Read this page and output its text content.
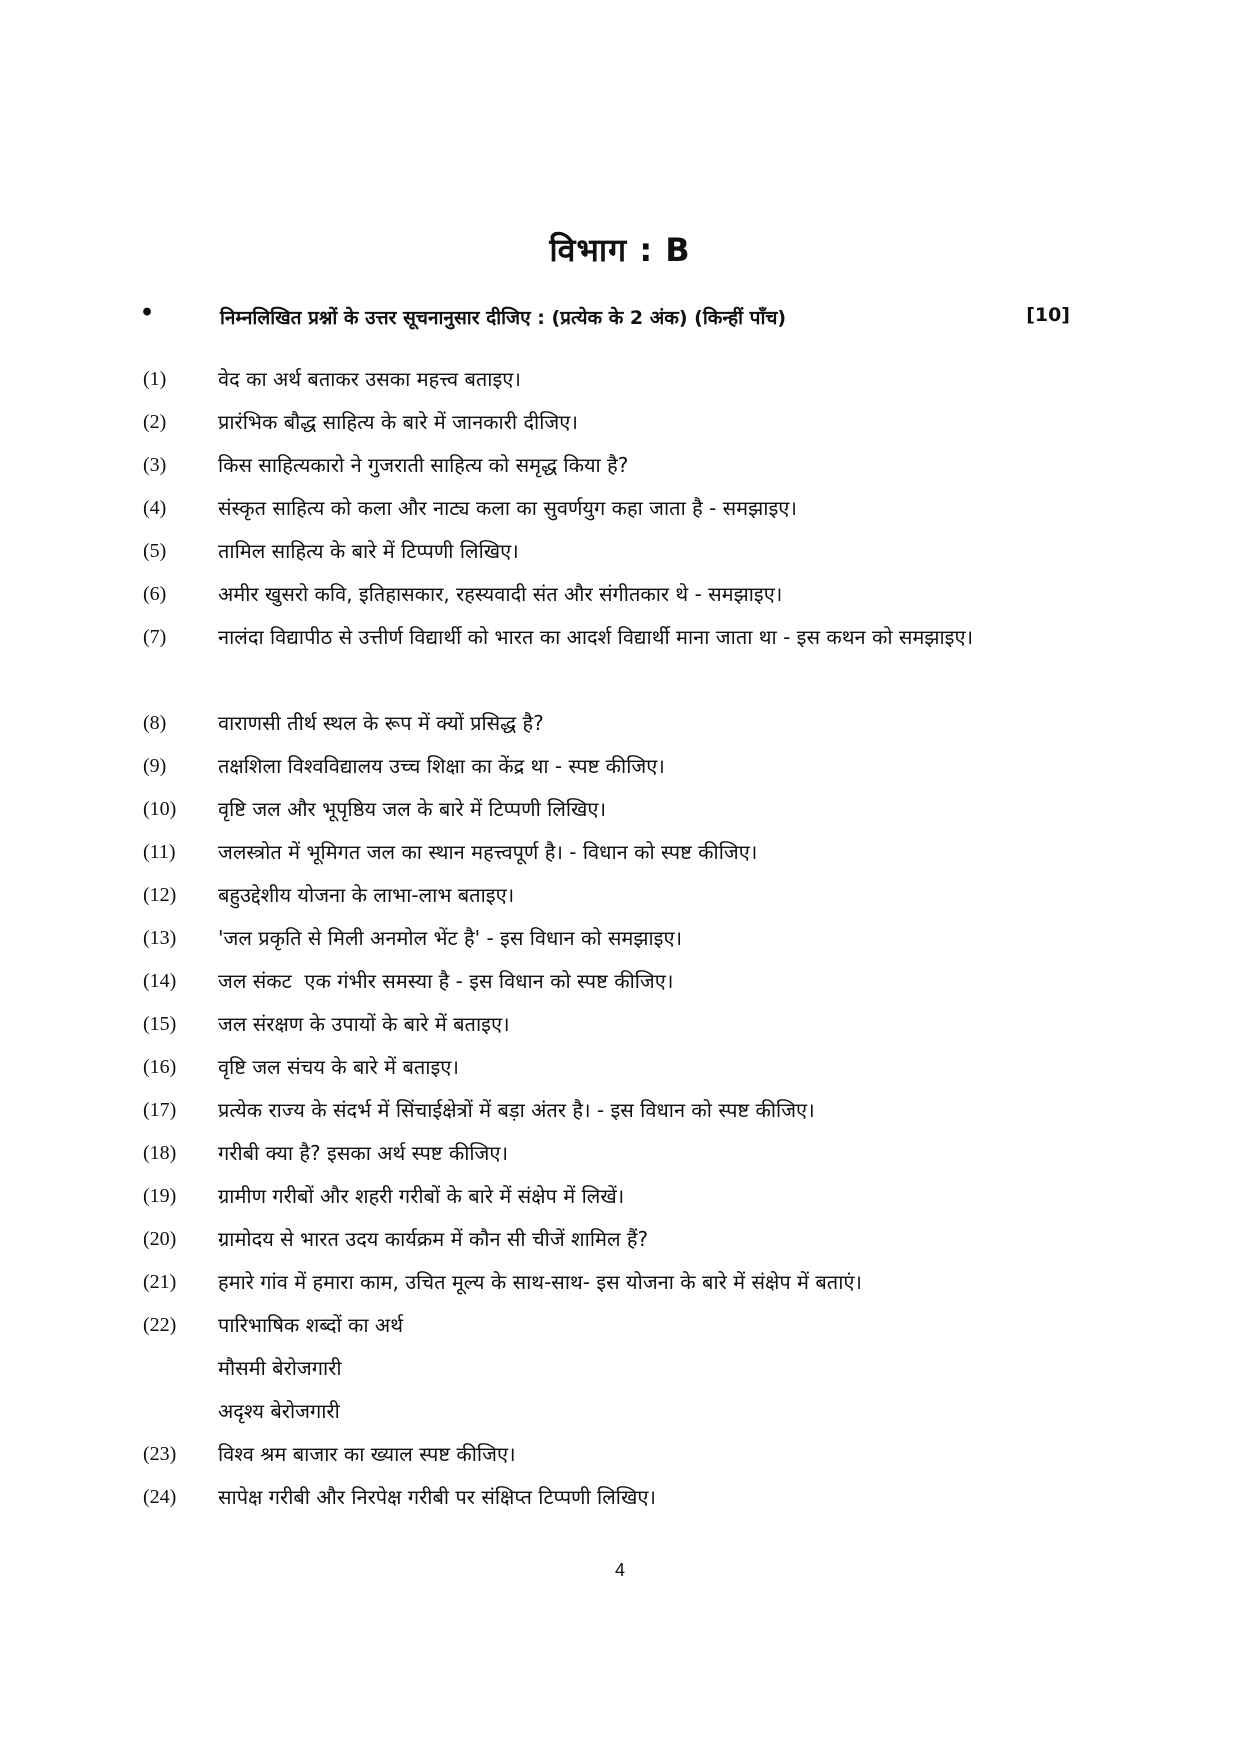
विभाग : B
•	निम्नलिखित प्रश्नों के उत्तर सूचनानुसार दीजिए : (प्रत्येक के 2 अंक) (किन्हीं पाँच)	[10]
(1)	वेद का अर्थ बताकर उसका महत्त्व बताइए।
(2)	प्रारंभिक बौद्ध साहित्य के बारे में जानकारी दीजिए।
(3)	किस साहित्यकारो ने गुजराती साहित्य को समृद्ध किया है?
(4)	संस्कृत साहित्य को कला और नाट्य कला का सुवर्णयुग कहा जाता है - समझाइए।
(5)	तामिल साहित्य के बारे में टिप्पणी लिखिए।
(6)	अमीर खुसरो कवि, इतिहासकार, रहस्यवादी संत और संगीतकार थे - समझाइए।
(7)	नालंदा विद्यापीठ से उत्तीर्ण विद्यार्थी को भारत का आदर्श विद्यार्थी माना जाता था - इस कथन को समझाइए।
(8)	वाराणसी तीर्थ स्थल के रूप में क्यों प्रसिद्ध है?
(9)	तक्षशिला विश्वविद्यालय उच्च शिक्षा का केंद्र था - स्पष्ट कीजिए।
(10) वृष्टि जल और भूपृष्ठिय जल के बारे में टिप्पणी लिखिए।
(11) जलस्त्रोत में भूमिगत जल का स्थान महत्त्वपूर्ण है। - विधान को स्पष्ट कीजिए।
(12) बहुउद्देशीय योजना के लाभा-लाभ बताइए।
(13) 'जल प्रकृति से मिली अनमोल भेंट है' - इस विधान को समझाइए।
(14) जल संकट  एक गंभीर समस्या है - इस विधान को स्पष्ट कीजिए।
(15) जल संरक्षण के उपायों के बारे में बताइए।
(16) वृष्टि जल संचय के बारे में बताइए।
(17) प्रत्येक राज्य के संदर्भ में सिंचाईक्षेत्रों में बड़ा अंतर है। - इस विधान को स्पष्ट कीजिए।
(18) गरीबी क्या है? इसका अर्थ स्पष्ट कीजिए।
(19) ग्रामीण गरीबों और शहरी गरीबों के बारे में संक्षेप में लिखें।
(20) ग्रामोदय से भारत उदय कार्यक्रम में कौन सी चीजें शामिल हैं?
(21) हमारे गांव में हमारा काम, उचित मूल्य के साथ-साथ- इस योजना के बारे में संक्षेप में बताएं।
(22) पारिभाषिक शब्दों का अर्थ
मौसमी बेरोजगारी
अदृश्य बेरोजगारी
(23) विश्व श्रम बाजार का ख्याल स्पष्ट कीजिए।
(24) सापेक्ष गरीबी और निरपेक्ष गरीबी पर संक्षिप्त टिप्पणी लिखिए।
4
